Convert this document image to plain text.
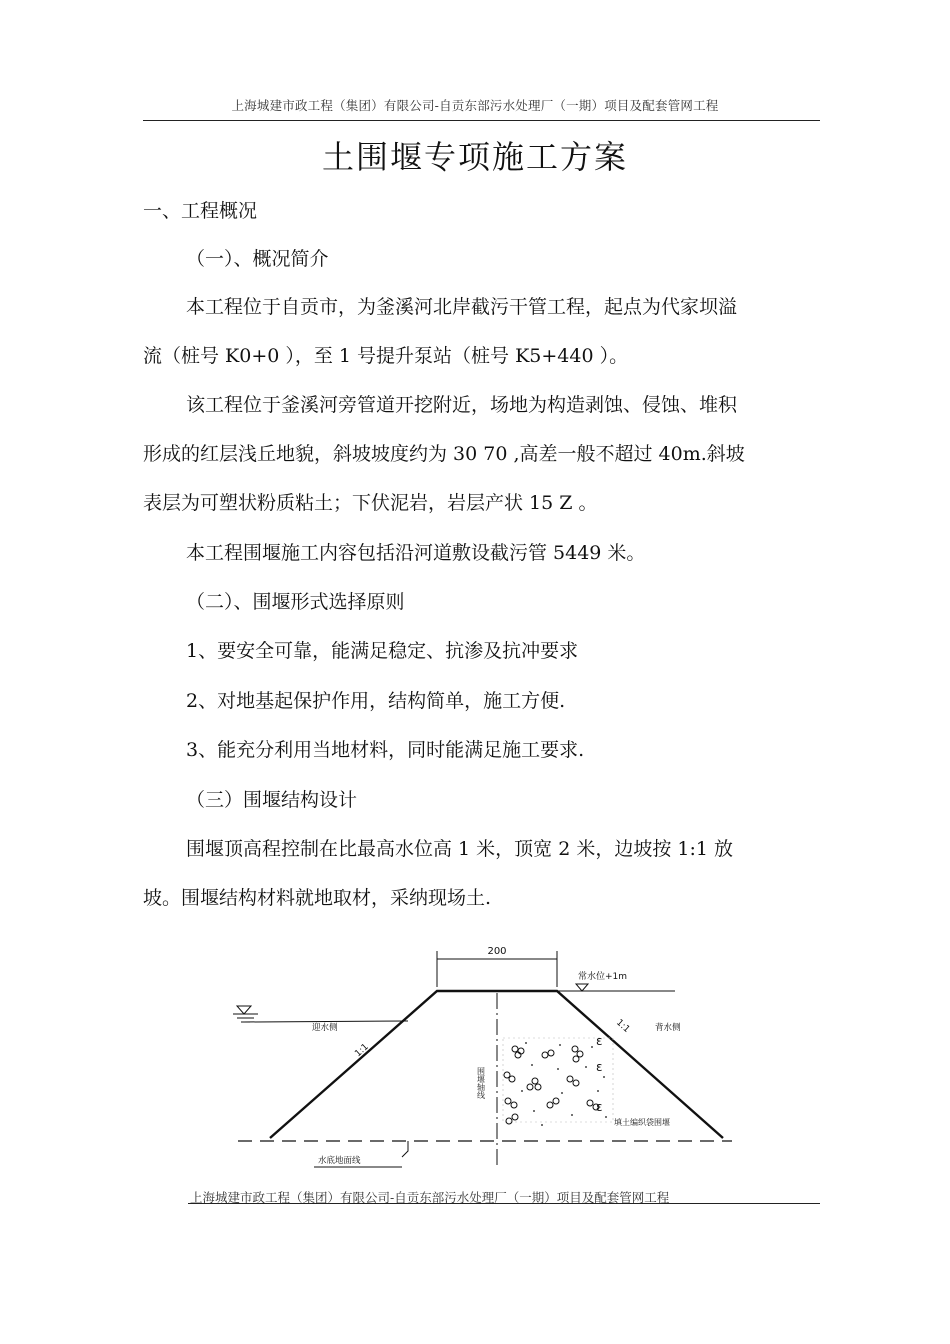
上海城建市政工程（集团）有限公司-自贡东部污水处理厂（一期）项目及配套管网工程
土围堰专项施工方案
一、工程概况
（一）、概况简介
本工程位于自贡市，为釜溪河北岸截污干管工程，起点为代家坝溢
流（桩号 K0+0 ），至 1 号提升泵站（桩号 K5+440 ）。
该工程位于釜溪河旁管道开挖附近，场地为构造剥蚀、侵蚀、堆积
形成的红层浅丘地貌，斜坡坡度约为 30 70 ,高差一般不超过 40m.斜坡
表层为可塑状粉质粘土；下伏泥岩，岩层产状 15 Z 。
本工程围堰施工内容包括沿河道敷设截污管 5449 米。
（二）、围堰形式选择原则
1、要安全可靠，能满足稳定、抗渗及抗冲要求
2、对地基起保护作用，结构简单，施工方便.
3、能充分利用当地材料，同时能满足施工要求.
（三）围堰结构设计
围堰顶高程控制在比最高水位高 1 米，顶宽 2 米，边坡按 1:1 放
坡。围堰结构材料就地取材，采纳现场土.
200
常水位+1m
ε
ε
ε
围堰轴线
迎水侧	背水侧
1:1
1:1
填土编织袋围堰
水底地面线
上海城建市政工程（集团）有限公司-自贡东部污水处理厂（一期）项目及配套管网工程
